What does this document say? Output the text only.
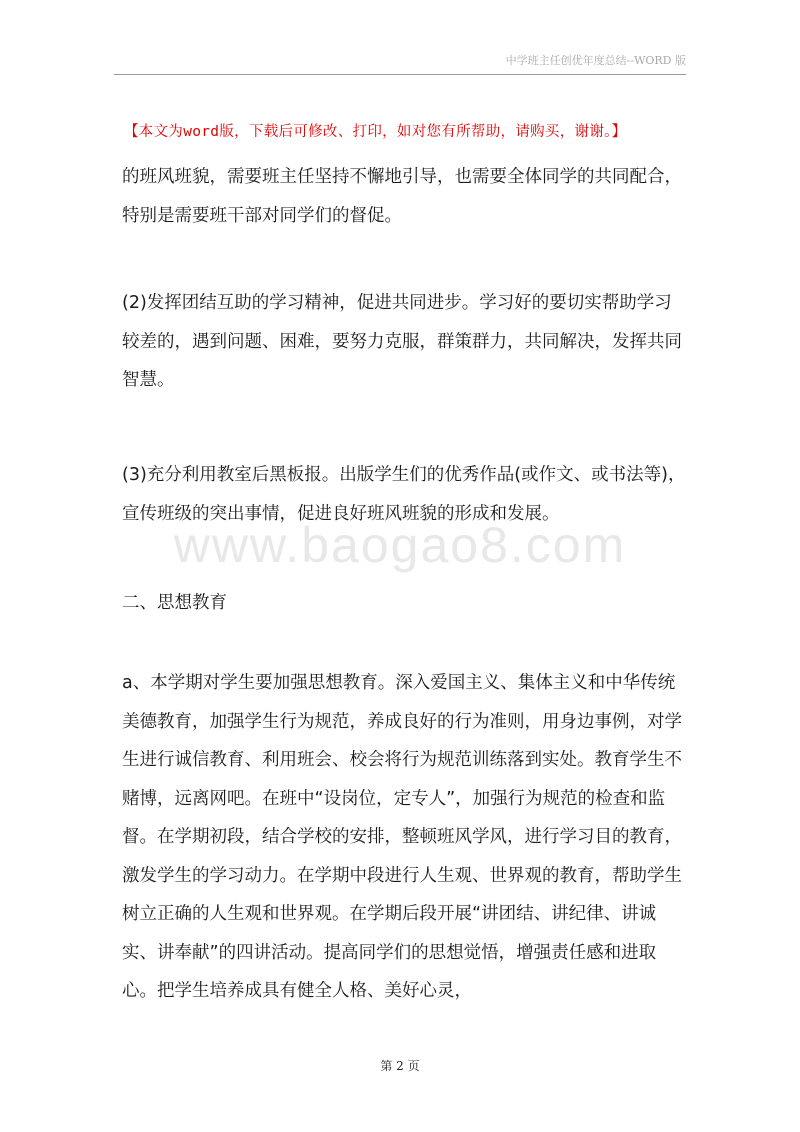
中学班主任创优年度总结--WORD 版
【本文为word版，下载后可修改、打印，如对您有所帮助，请购买，谢谢。】

的班风班貌，需要班主任坚持不懈地引导，也需要全体同学的共同配合，特别是需要班干部对同学们的督促。

(2)发挥团结互助的学习精神，促进共同进步。学习好的要切实帮助学习较差的，遇到问题、困难，要努力克服，群策群力，共同解决，发挥共同智慧。

(3)充分利用教室后黑板报。出版学生们的优秀作品(或作文、或书法等)，宣传班级的突出事情，促进良好班风班貌的形成和发展。

www.baogao8.com

二、思想教育

a、本学期对学生要加强思想教育。深入爱国主义、集体主义和中华传统美德教育，加强学生行为规范，养成良好的行为准则，用身边事例，对学生进行诚信教育、利用班会、校会将行为规范训练落到实处。教育学生不赌博，远离网吧。在班中“设岗位，定专人”，加强行为规范的检查和监督。在学期初段，结合学校的安排，整顿班风学风，进行学习目的教育，激发学生的学习动力。在学期中段进行人生观、世界观的教育，帮助学生树立正确的人生观和世界观。在学期后段开展“讲团结、讲纪律、讲诚实、讲奉献”的四讲活动。提高同学们的思想觉悟，增强责任感和进取心。把学生培养成具有健全人格、美好心灵，

第 2 页
